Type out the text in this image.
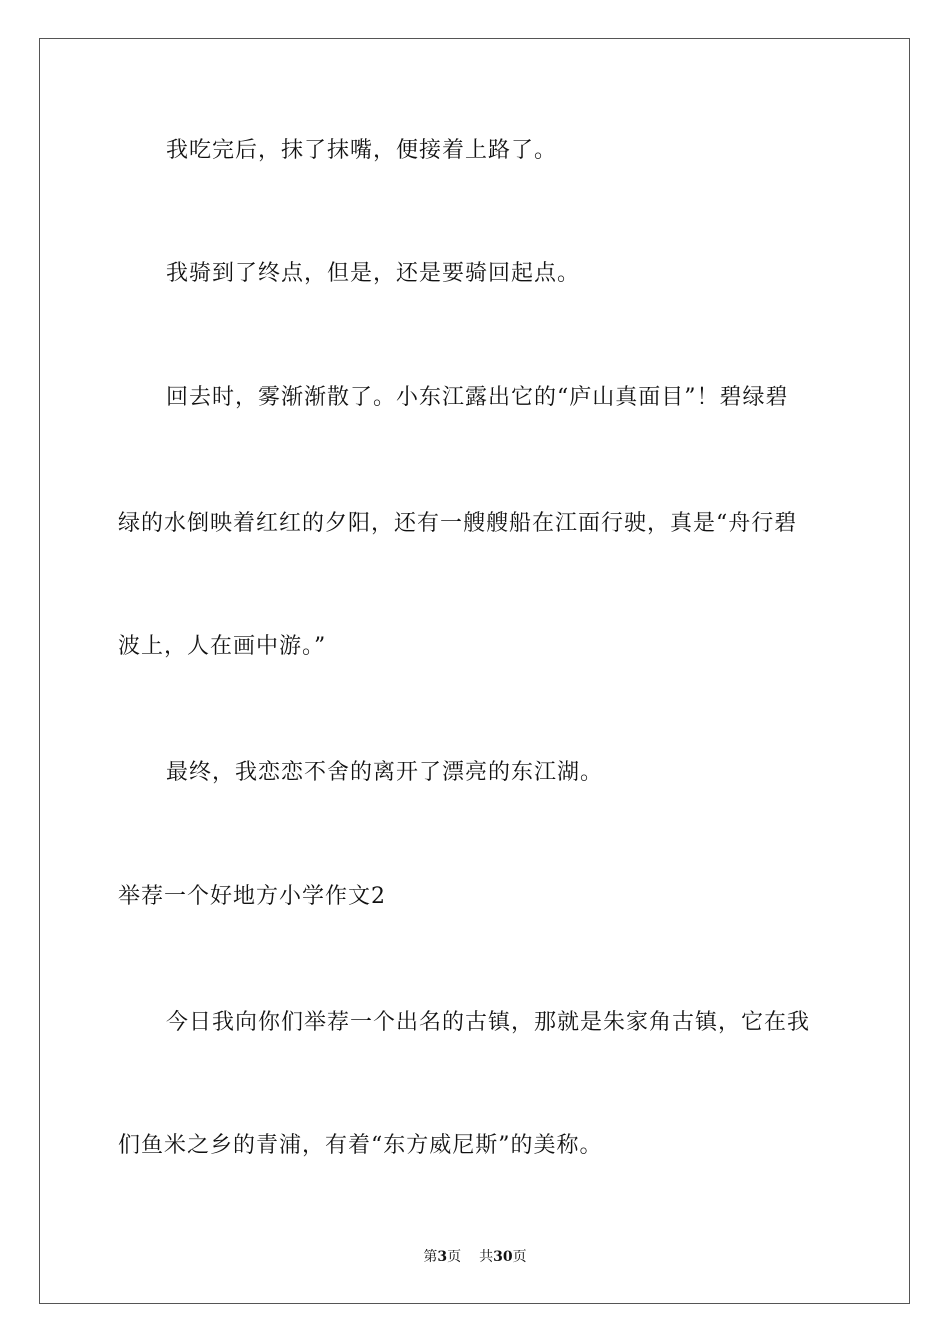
我吃完后，抹了抹嘴，便接着上路了。
我骑到了终点，但是，还是要骑回起点。
回去时，雾渐渐散了。小东江露出它的“庐山真面目”！碧绿碧
绿的水倒映着红红的夕阳，还有一艘艘船在江面行驶，真是“舟行碧
波上，人在画中游。”
最终，我恋恋不舍的离开了漂亮的东江湖。
举荐一个好地方小学作文2
今日我向你们举荐一个出名的古镇，那就是朱家角古镇，它在我
们鱼米之乡的青浦，有着“东方威尼斯”的美称。
第3页 共30页
